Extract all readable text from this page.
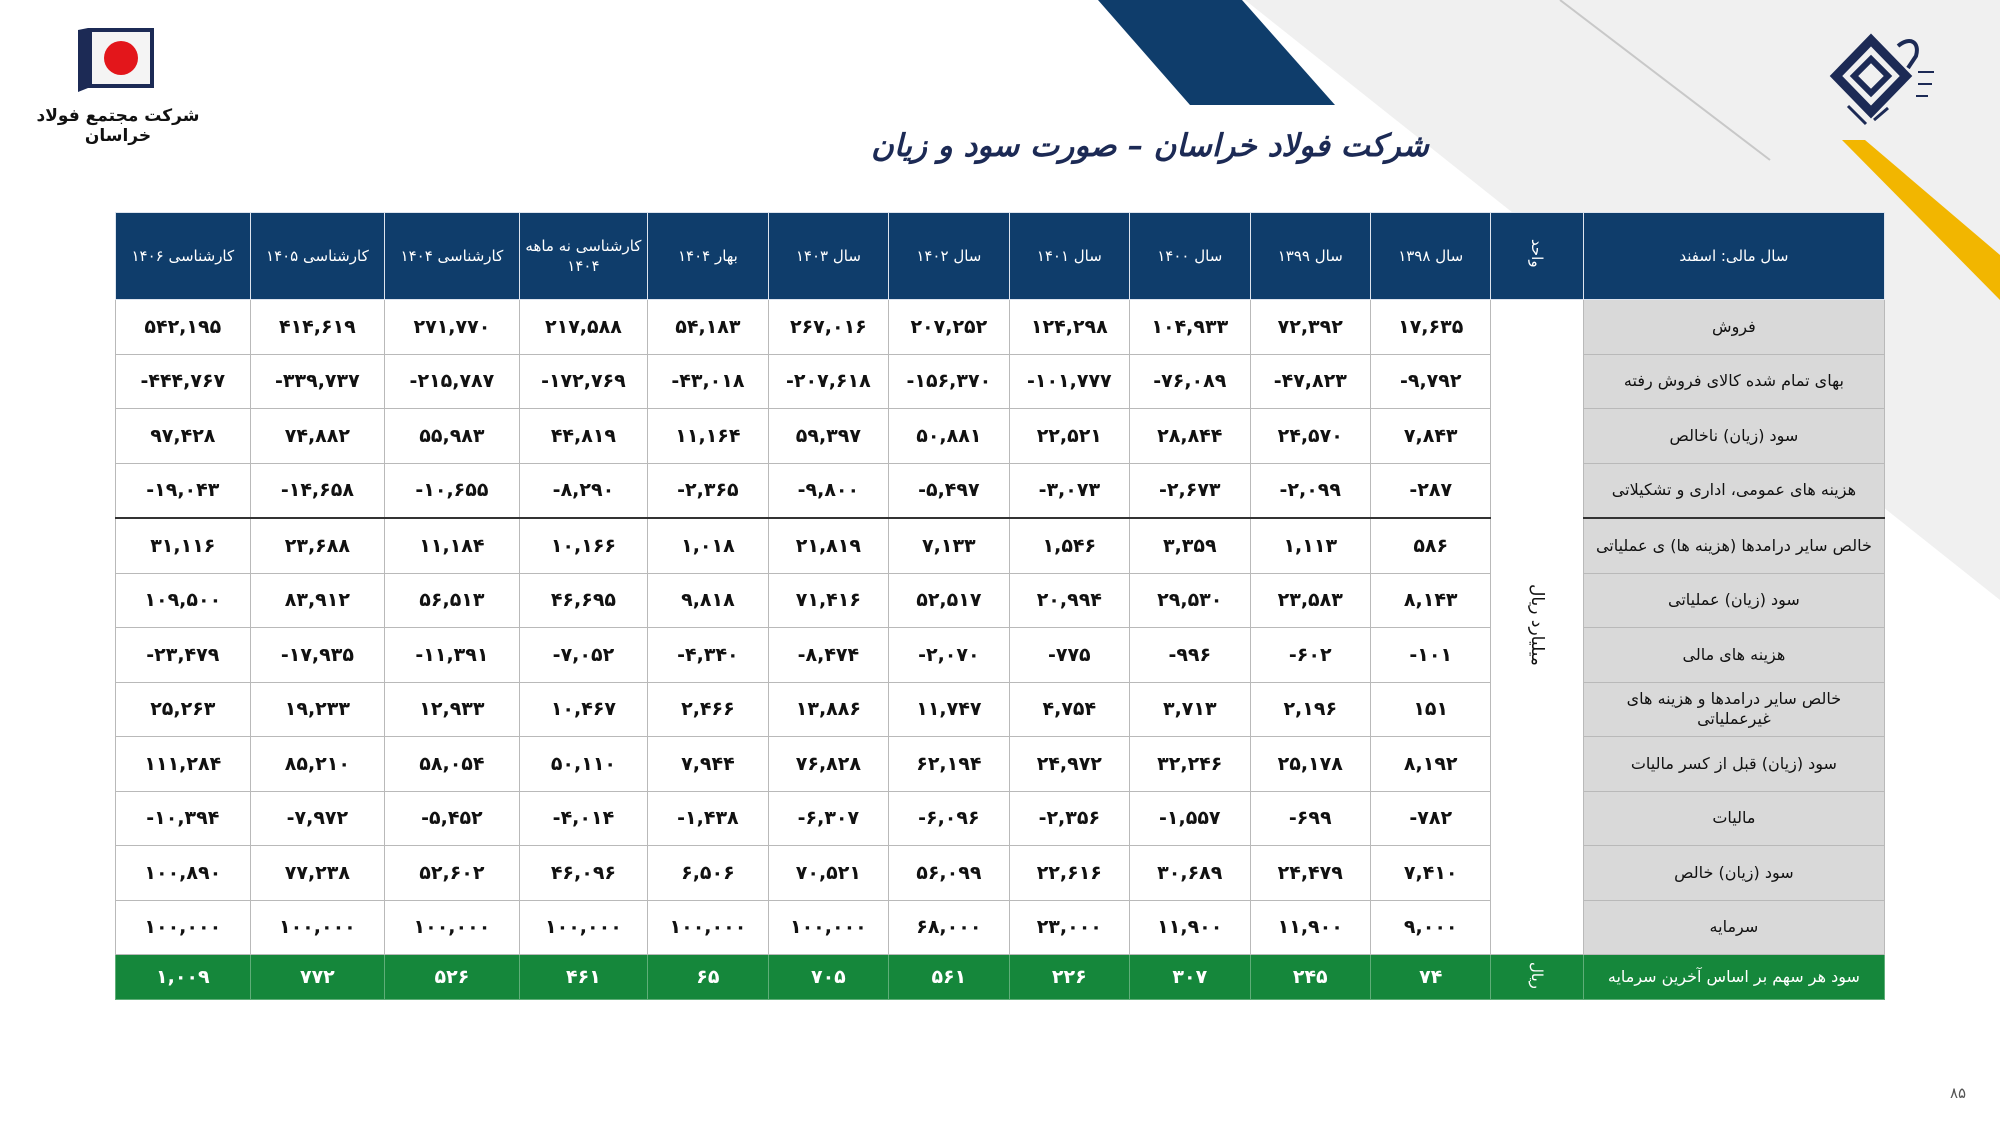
شرکت مجتمع فولاد خراسان	شرکت فولاد خراسان – صورت سود و زیان
سال مالی: اسفند	واحد	سال ۱۳۹۸	سال ۱۳۹۹	سال ۱۴۰۰	سال ۱۴۰۱	سال ۱۴۰۲	سال ۱۴۰۳	بهار ۱۴۰۴	کارشناسی نه ماهه ۱۴۰۴	کارشناسی ۱۴۰۴	کارشناسی ۱۴۰۵	کارشناسی ۱۴۰۶
فروش	میلیارد ریال	۱۷,۶۳۵	۷۲,۳۹۲	۱۰۴,۹۳۳	۱۲۴,۲۹۸	۲۰۷,۲۵۲	۲۶۷,۰۱۶	۵۴,۱۸۳	۲۱۷,۵۸۸	۲۷۱,۷۷۰	۴۱۴,۶۱۹	۵۴۲,۱۹۵
بهای تمام شده کالای فروش رفته		۹,۷۹۲-	۴۷,۸۲۳-	۷۶,۰۸۹-	۱۰۱,۷۷۷-	۱۵۶,۳۷۰-	۲۰۷,۶۱۸-	۴۳,۰۱۸-	۱۷۲,۷۶۹-	۲۱۵,۷۸۷-	۳۳۹,۷۳۷-	۴۴۴,۷۶۷-
سود (زیان) ناخالص		۷,۸۴۳	۲۴,۵۷۰	۲۸,۸۴۴	۲۲,۵۲۱	۵۰,۸۸۱	۵۹,۳۹۷	۱۱,۱۶۴	۴۴,۸۱۹	۵۵,۹۸۳	۷۴,۸۸۲	۹۷,۴۲۸
هزینه های عمومی، اداری و تشکیلاتی		۲۸۷-	۲,۰۹۹-	۲,۶۷۳-	۳,۰۷۳-	۵,۴۹۷-	۹,۸۰۰-	۲,۳۶۵-	۸,۲۹۰-	۱۰,۶۵۵-	۱۴,۶۵۸-	۱۹,۰۴۳-
خالص سایر درامدها (هزینه ها) ی عملیاتی		۵۸۶	۱,۱۱۳	۳,۳۵۹	۱,۵۴۶	۷,۱۳۳	۲۱,۸۱۹	۱,۰۱۸	۱۰,۱۶۶	۱۱,۱۸۴	۲۳,۶۸۸	۳۱,۱۱۶
سود (زیان) عملیاتی		۸,۱۴۳	۲۳,۵۸۳	۲۹,۵۳۰	۲۰,۹۹۴	۵۲,۵۱۷	۷۱,۴۱۶	۹,۸۱۸	۴۶,۶۹۵	۵۶,۵۱۳	۸۳,۹۱۲	۱۰۹,۵۰۰
هزینه های مالی		۱۰۱-	۶۰۲-	۹۹۶-	۷۷۵-	۲,۰۷۰-	۸,۴۷۴-	۴,۳۴۰-	۷,۰۵۲-	۱۱,۳۹۱-	۱۷,۹۳۵-	۲۳,۴۷۹-
خالص سایر درامدها و هزینه های غیرعملیاتی		۱۵۱	۲,۱۹۶	۳,۷۱۳	۴,۷۵۴	۱۱,۷۴۷	۱۳,۸۸۶	۲,۴۶۶	۱۰,۴۶۷	۱۲,۹۳۳	۱۹,۲۳۳	۲۵,۲۶۳
سود (زیان) قبل از کسر مالیات		۸,۱۹۲	۲۵,۱۷۸	۳۲,۲۴۶	۲۴,۹۷۲	۶۲,۱۹۴	۷۶,۸۲۸	۷,۹۴۴	۵۰,۱۱۰	۵۸,۰۵۴	۸۵,۲۱۰	۱۱۱,۲۸۴
مالیات		۷۸۲-	۶۹۹-	۱,۵۵۷-	۲,۳۵۶-	۶,۰۹۶-	۶,۳۰۷-	۱,۴۳۸-	۴,۰۱۴-	۵,۴۵۲-	۷,۹۷۲-	۱۰,۳۹۴-
سود (زیان) خالص		۷,۴۱۰	۲۴,۴۷۹	۳۰,۶۸۹	۲۲,۶۱۶	۵۶,۰۹۹	۷۰,۵۲۱	۶,۵۰۶	۴۶,۰۹۶	۵۲,۶۰۲	۷۷,۲۳۸	۱۰۰,۸۹۰
سرمایه		۹,۰۰۰	۱۱,۹۰۰	۱۱,۹۰۰	۲۳,۰۰۰	۶۸,۰۰۰	۱۰۰,۰۰۰	۱۰۰,۰۰۰	۱۰۰,۰۰۰	۱۰۰,۰۰۰	۱۰۰,۰۰۰	۱۰۰,۰۰۰
سود هر سهم بر اساس آخرین سرمایه	ریال	۷۴	۲۴۵	۳۰۷	۲۲۶	۵۶۱	۷۰۵	۶۵	۴۶۱	۵۲۶	۷۷۲	۱,۰۰۹
۸۵
